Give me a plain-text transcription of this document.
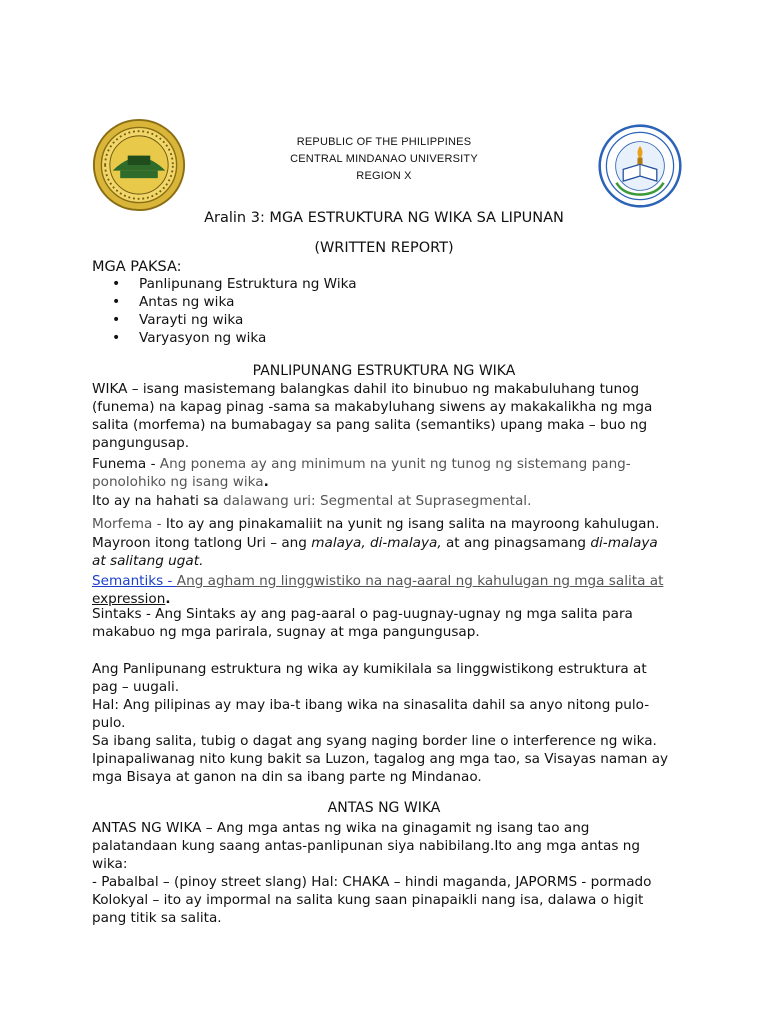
REPUBLIC OF THE PHILIPPINES
CENTRAL MINDANAO UNIVERSITY
REGION X
Aralin 3: MGA ESTRUKTURA NG WIKA SA LIPUNAN
(WRITTEN REPORT)
MGA PAKSA:
• Panlipunang Estruktura ng Wika
• Antas ng wika
• Varayti ng wika
• Varyasyon ng wika
PANLIPUNANG ESTRUKTURA NG WIKA
WIKA – isang masistemang balangkas dahil ito binubuo ng makabuluhang tunog
(funema) na kapag pinag -sama sa makabyluhang siwens ay makakalikha ng mga
salita (morfema) na bumabagay sa pang salita (semantiks) upang maka – buo ng
pangungusap.
Funema - Ang ponema ay ang minimum na yunit ng tunog ng sistemang pang-
ponolohiko ng isang wika.
Ito ay na hahati sa dalawang uri: Segmental at Suprasegmental.
Morfema - Ito ay ang pinakamaliit na yunit ng isang salita na mayroong kahulugan.
Mayroon itong tatlong Uri – ang malaya, di-malaya, at ang pinagsamang di-malaya
at salitang ugat.
Semantiks - Ang agham ng linggwistiko na nag-aaral ng kahulugan ng mga salita at
expression.
Sintaks - Ang Sintaks ay ang pag-aaral o pag-uugnay-ugnay ng mga salita para
makabuo ng mga parirala, sugnay at mga pangungusap.
Ang Panlipunang estruktura ng wika ay kumikilala sa linggwistikong estruktura at
pag – uugali.
Hal: Ang pilipinas ay may iba-t ibang wika na sinasalita dahil sa anyo nitong pulo-
pulo.
Sa ibang salita, tubig o dagat ang syang naging border line o interference ng wika.
Ipinapaliwanag nito kung bakit sa Luzon, tagalog ang mga tao, sa Visayas naman ay
mga Bisaya at ganon na din sa ibang parte ng Mindanao.
ANTAS NG WIKA
ANTAS NG WIKA – Ang mga antas ng wika na ginagamit ng isang tao ang
palatandaan kung saang antas-panlipunan siya nabibilang.Ito ang mga antas ng
wika:
- Pabalbal – (pinoy street slang) Hal: CHAKA – hindi maganda, JAPORMS - pormado
Kolokyal – ito ay impormal na salita kung saan pinapaikli nang isa, dalawa o higit
pang titik sa salita.
